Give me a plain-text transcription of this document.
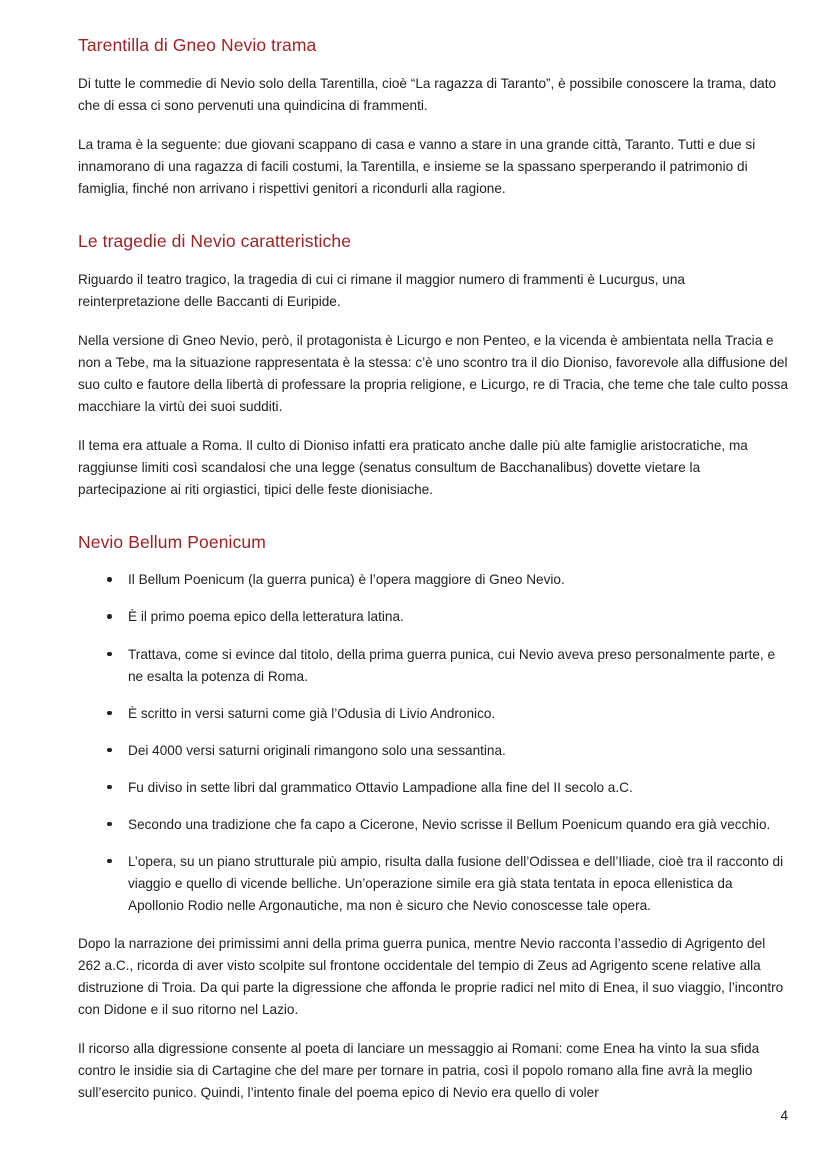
Tarentilla di Gneo Nevio trama

Di tutte le commedie di Nevio solo della Tarentilla, cioè “La ragazza di Taranto”, è possibile conoscere la trama, dato che di essa ci sono pervenuti una quindicina di frammenti.

La trama è la seguente: due giovani scappano di casa e vanno a stare in una grande città, Taranto. Tutti e due si innamorano di una ragazza di facili costumi, la Tarentilla, e insieme se la spassano sperperando il patrimonio di famiglia, finché non arrivano i rispettivi genitori a ricondurli alla ragione.

Le tragedie di Nevio caratteristiche

Riguardo il teatro tragico, la tragedia di cui ci rimane il maggior numero di frammenti è Lucurgus, una reinterpretazione delle Baccanti di Euripide.

Nella versione di Gneo Nevio, però, il protagonista è Licurgo e non Penteo, e la vicenda è ambientata nella Tracia e non a Tebe, ma la situazione rappresentata è la stessa: c’è uno scontro tra il dio Dioniso, favorevole alla diffusione del suo culto e fautore della libertà di professare la propria religione, e Licurgo, re di Tracia, che teme che tale culto possa macchiare la virtù dei suoi sudditi.

Il tema era attuale a Roma. Il culto di Dioniso infatti era praticato anche dalle più alte famiglie aristocratiche, ma raggiunse limiti così scandalosi che una legge (senatus consultum de Bacchanalibus) dovette vietare la partecipazione ai riti orgiastici, tipici delle feste dionisiache.

Nevio Bellum Poenicum
Il Bellum Poenicum (la guerra punica) è l’opera maggiore di Gneo Nevio.
È il primo poema epico della letteratura latina.
Trattava, come si evince dal titolo, della prima guerra punica, cui Nevio aveva preso personalmente parte, e ne esalta la potenza di Roma.
È scritto in versi saturni come già l’Odusìa di Livio Andronico.
Dei 4000 versi saturni originali rimangono solo una sessantina.
Fu diviso in sette libri dal grammatico Ottavio Lampadione alla fine del II secolo a.C.
Secondo una tradizione che fa capo a Cicerone, Nevio scrisse il Bellum Poenicum quando era già vecchio.
L’opera, su un piano strutturale più ampio, risulta dalla fusione dell’Odissea e dell’Iliade, cioè tra il racconto di viaggio e quello di vicende belliche. Un’operazione simile era già stata tentata in epoca ellenistica da Apollonio Rodio nelle Argonautiche, ma non è sicuro che Nevio conoscesse tale opera.

Dopo la narrazione dei primissimi anni della prima guerra punica, mentre Nevio racconta l’assedio di Agrigento del 262 a.C., ricorda di aver visto scolpite sul frontone occidentale del tempio di Zeus ad Agrigento scene relative alla distruzione di Troia. Da qui parte la digressione che affonda le proprie radici nel mito di Enea, il suo viaggio, l’incontro con Didone e il suo ritorno nel Lazio.

Il ricorso alla digressione consente al poeta di lanciare un messaggio ai Romani: come Enea ha vinto la sua sfida contro le insidie sia di Cartagine che del mare per tornare in patria, così il popolo romano alla fine avrà la meglio sull’esercito punico. Quindi, l’intento finale del poema epico di Nevio era quello di voler

4
